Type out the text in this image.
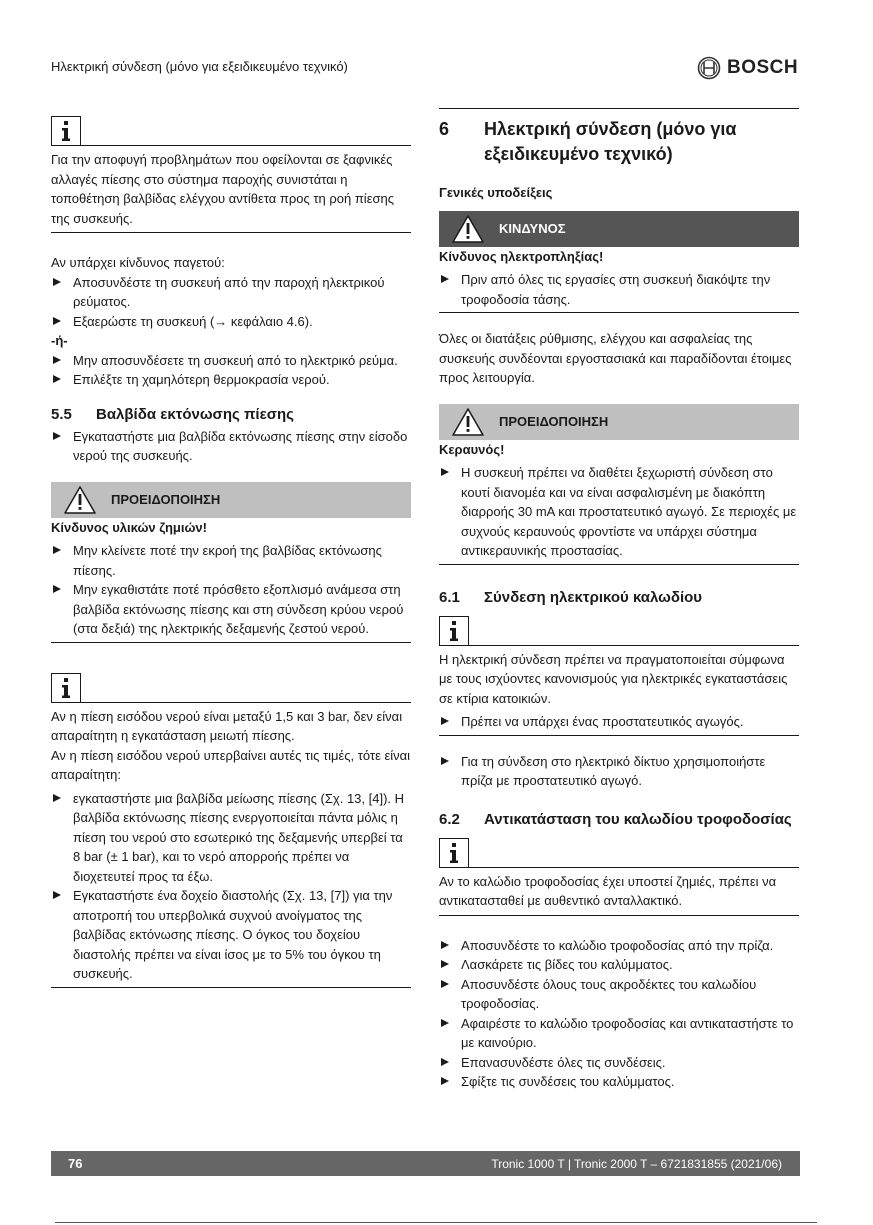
Ηλεκτρική σύνδεση (μόνο για εξειδικευμένο τεχνικό)	BOSCH
Για την αποφυγή προβλημάτων που οφείλονται σε ξαφνικές αλλαγές πίεσης στο σύστημα παροχής συνιστάται η τοποθέτηση βαλβίδας ελέγχου αντίθετα προς τη ροή πίεσης της συσκευής.
Αν υπάρχει κίνδυνος παγετού:
Αποσυνδέστε τη συσκευή από την παροχή ηλεκτρικού ρεύματος.
Εξαερώστε τη συσκευή (→ κεφάλαιο 4.6).
-ή-
Μην αποσυνδέσετε τη συσκευή από το ηλεκτρικό ρεύμα.
Επιλέξτε τη χαμηλότερη θερμοκρασία νερού.
5.5	Βαλβίδα εκτόνωσης πίεσης
Εγκαταστήστε μια βαλβίδα εκτόνωσης πίεσης στην είσοδο νερού της συσκευής.
ΠΡΟΕΙΔΟΠΟΙΗΣΗ
Κίνδυνος υλικών ζημιών!
Μην κλείνετε ποτέ την εκροή της βαλβίδας εκτόνωσης πίεσης.
Μην εγκαθιστάτε ποτέ πρόσθετο εξοπλισμό ανάμεσα στη βαλβίδα εκτόνωσης πίεσης και στη σύνδεση κρύου νερού (στα δεξιά) της ηλεκτρικής δεξαμενής ζεστού νερού.
Αν η πίεση εισόδου νερού είναι μεταξύ 1,5 και 3 bar, δεν είναι απαραίτητη η εγκατάσταση μειωτή πίεσης.
Αν η πίεση εισόδου νερού υπερβαίνει αυτές τις τιμές, τότε είναι απαραίτητη:
εγκαταστήστε μια βαλβίδα μείωσης πίεσης (Σχ. 13, [4]). Η βαλβίδα εκτόνωσης πίεσης ενεργοποιείται πάντα μόλις η πίεση του νερού στο εσωτερικό της δεξαμενής υπερβεί τα 8 bar (± 1 bar), και το νερό απορροής πρέπει να διοχετευτεί προς τα έξω.
Εγκαταστήστε ένα δοχείο διαστολής (Σχ. 13, [7]) για την αποτροπή του υπερβολικά συχνού ανοίγματος της βαλβίδας εκτόνωσης πίεσης. Ο όγκος του δοχείου διαστολής πρέπει να είναι ίσος με το 5% του όγκου τη συσκευής.
6	Ηλεκτρική σύνδεση (μόνο για εξειδικευμένο τεχνικό)
Γενικές υποδείξεις
ΚΙΝΔΥΝΟΣ
Κίνδυνος ηλεκτροπληξίας!
Πριν από όλες τις εργασίες στη συσκευή διακόψτε την τροφοδοσία τάσης.
Όλες οι διατάξεις ρύθμισης, ελέγχου και ασφαλείας της συσκευής συνδέονται εργοστασιακά και παραδίδονται έτοιμες προς λειτουργία.
ΠΡΟΕΙΔΟΠΟΙΗΣΗ
Κεραυνός!
Η συσκευή πρέπει να διαθέτει ξεχωριστή σύνδεση στο κουτί διανομέα και να είναι ασφαλισμένη με διακόπτη διαρροής 30 mA και προστατευτικό αγωγό. Σε περιοχές με συχνούς κεραυνούς φροντίστε να υπάρχει σύστημα αντικεραυνικής προστασίας.
6.1	Σύνδεση ηλεκτρικού καλωδίου
Η ηλεκτρική σύνδεση πρέπει να πραγματοποιείται σύμφωνα με τους ισχύοντες κανονισμούς για ηλεκτρικές εγκαταστάσεις σε κτίρια κατοικιών.
Πρέπει να υπάρχει ένας προστατευτικός αγωγός.
Για τη σύνδεση στο ηλεκτρικό δίκτυο χρησιμοποιήστε πρίζα με προστατευτικό αγωγό.
6.2	Αντικατάσταση του καλωδίου τροφοδοσίας
Αν το καλώδιο τροφοδοσίας έχει υποστεί ζημιές, πρέπει να αντικατασταθεί με αυθεντικό ανταλλακτικό.
Αποσυνδέστε το καλώδιο τροφοδοσίας από την πρίζα.
Λασκάρετε τις βίδες του καλύμματος.
Αποσυνδέστε όλους τους ακροδέκτες του καλωδίου τροφοδοσίας.
Αφαιρέστε το καλώδιο τροφοδοσίας και αντικαταστήστε το με καινούριο.
Επανασυνδέστε όλες τις συνδέσεις.
Σφίξτε τις συνδέσεις του καλύμματος.
76	Tronic 1000 T | Tronic 2000 T – 6721831855 (2021/06)
